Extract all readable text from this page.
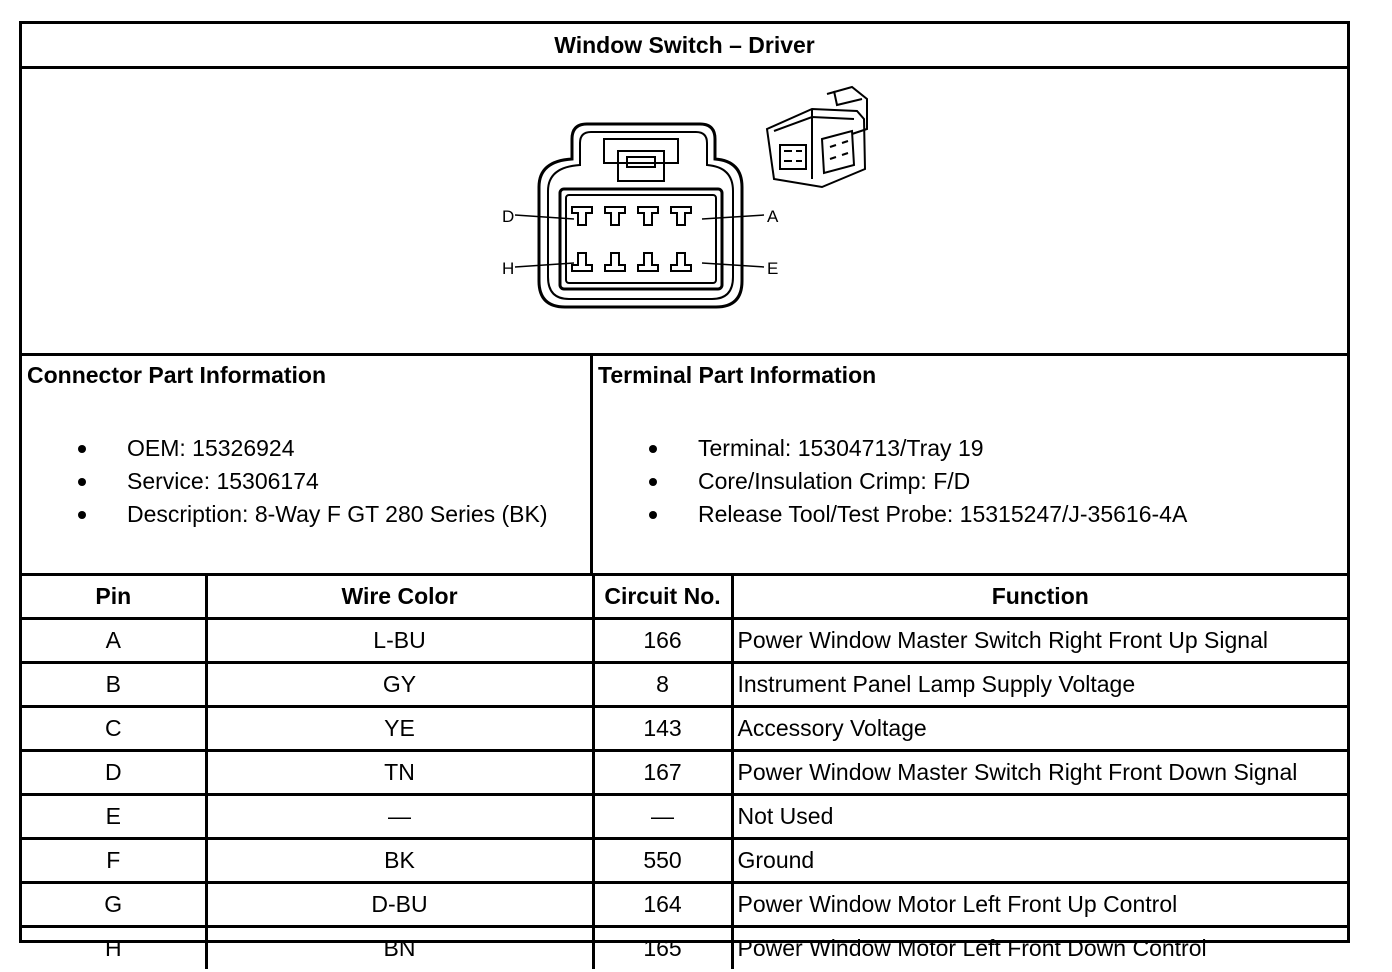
Window Switch – Driver
D	A
H	E
Connector Part Information
OEM: 15326924
Service: 15306174
Description: 8-Way F GT 280 Series (BK)
Terminal Part Information
Terminal: 15304713/Tray 19
Core/Insulation Crimp: F/D
Release Tool/Test Probe: 15315247/J-35616-4A
Pin	Wire Color	Circuit No.	Function
A	L-BU	166	Power Window Master Switch Right Front Up Signal
B	GY	8	Instrument Panel Lamp Supply Voltage
C	YE	143	Accessory Voltage
D	TN	167	Power Window Master Switch Right Front Down Signal
E	—	—	Not Used
F	BK	550	Ground
G	D-BU	164	Power Window Motor Left Front Up Control
H	BN	165	Power Window Motor Left Front Down Control
